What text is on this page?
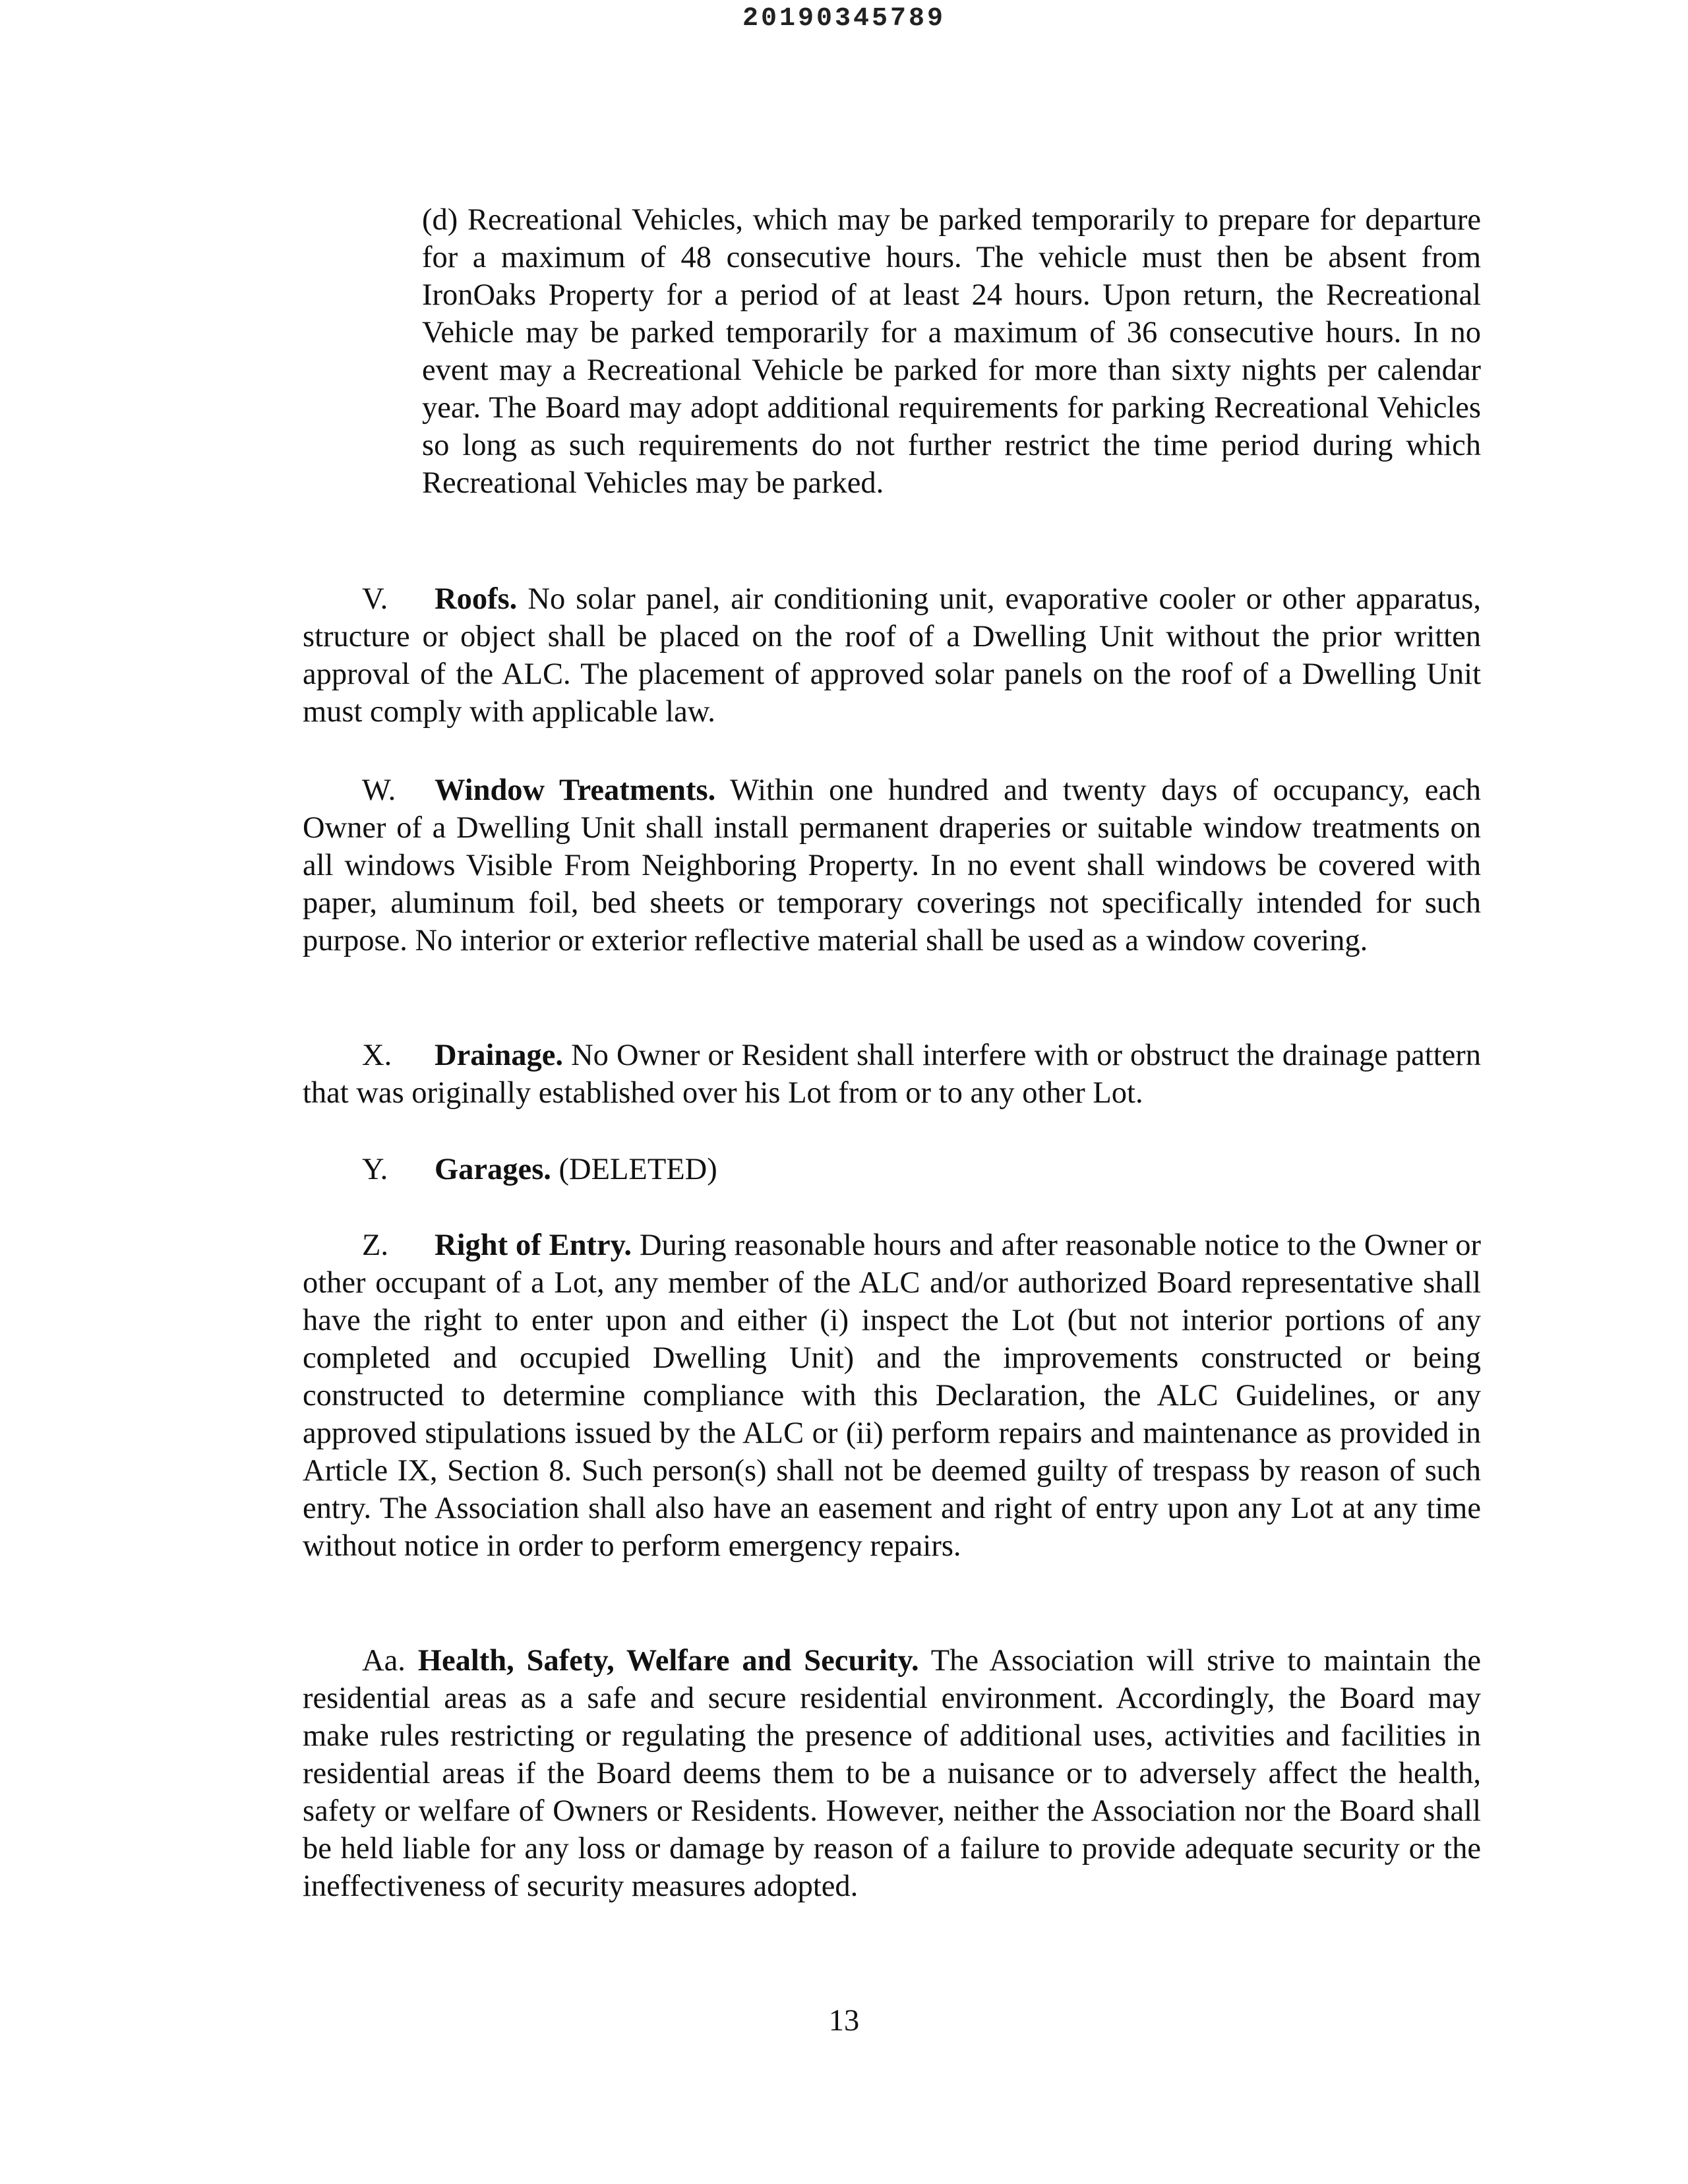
20190345789

(d) Recreational Vehicles, which may be parked temporarily to prepare for departure for a maximum of 48 consecutive hours. The vehicle must then be absent from IronOaks Property for a period of at least 24 hours. Upon return, the Recreational Vehicle may be parked temporarily for a maximum of 36 consecutive hours. In no event may a Recreational Vehicle be parked for more than sixty nights per calendar year. The Board may adopt additional requirements for parking Recreational Vehicles so long as such requirements do not further restrict the time period during which Recreational Vehicles may be parked.

V. Roofs. No solar panel, air conditioning unit, evaporative cooler or other apparatus, structure or object shall be placed on the roof of a Dwelling Unit without the prior written approval of the ALC. The placement of approved solar panels on the roof of a Dwelling Unit must comply with applicable law.

W. Window Treatments. Within one hundred and twenty days of occupancy, each Owner of a Dwelling Unit shall install permanent draperies or suitable window treatments on all windows Visible From Neighboring Property. In no event shall windows be covered with paper, aluminum foil, bed sheets or temporary coverings not specifically intended for such purpose. No interior or exterior reflective material shall be used as a window covering.

X. Drainage. No Owner or Resident shall interfere with or obstruct the drainage pattern that was originally established over his Lot from or to any other Lot.

Y. Garages. (DELETED)

Z. Right of Entry. During reasonable hours and after reasonable notice to the Owner or other occupant of a Lot, any member of the ALC and/or authorized Board representative shall have the right to enter upon and either (i) inspect the Lot (but not interior portions of any completed and occupied Dwelling Unit) and the improvements constructed or being constructed to determine compliance with this Declaration, the ALC Guidelines, or any approved stipulations issued by the ALC or (ii) perform repairs and maintenance as provided in Article IX, Section 8. Such person(s) shall not be deemed guilty of trespass by reason of such entry. The Association shall also have an easement and right of entry upon any Lot at any time without notice in order to perform emergency repairs.

Aa. Health, Safety, Welfare and Security. The Association will strive to maintain the residential areas as a safe and secure residential environment. Accordingly, the Board may make rules restricting or regulating the presence of additional uses, activities and facilities in residential areas if the Board deems them to be a nuisance or to adversely affect the health, safety or welfare of Owners or Residents. However, neither the Association nor the Board shall be held liable for any loss or damage by reason of a failure to provide adequate security or the ineffectiveness of security measures adopted.

13
